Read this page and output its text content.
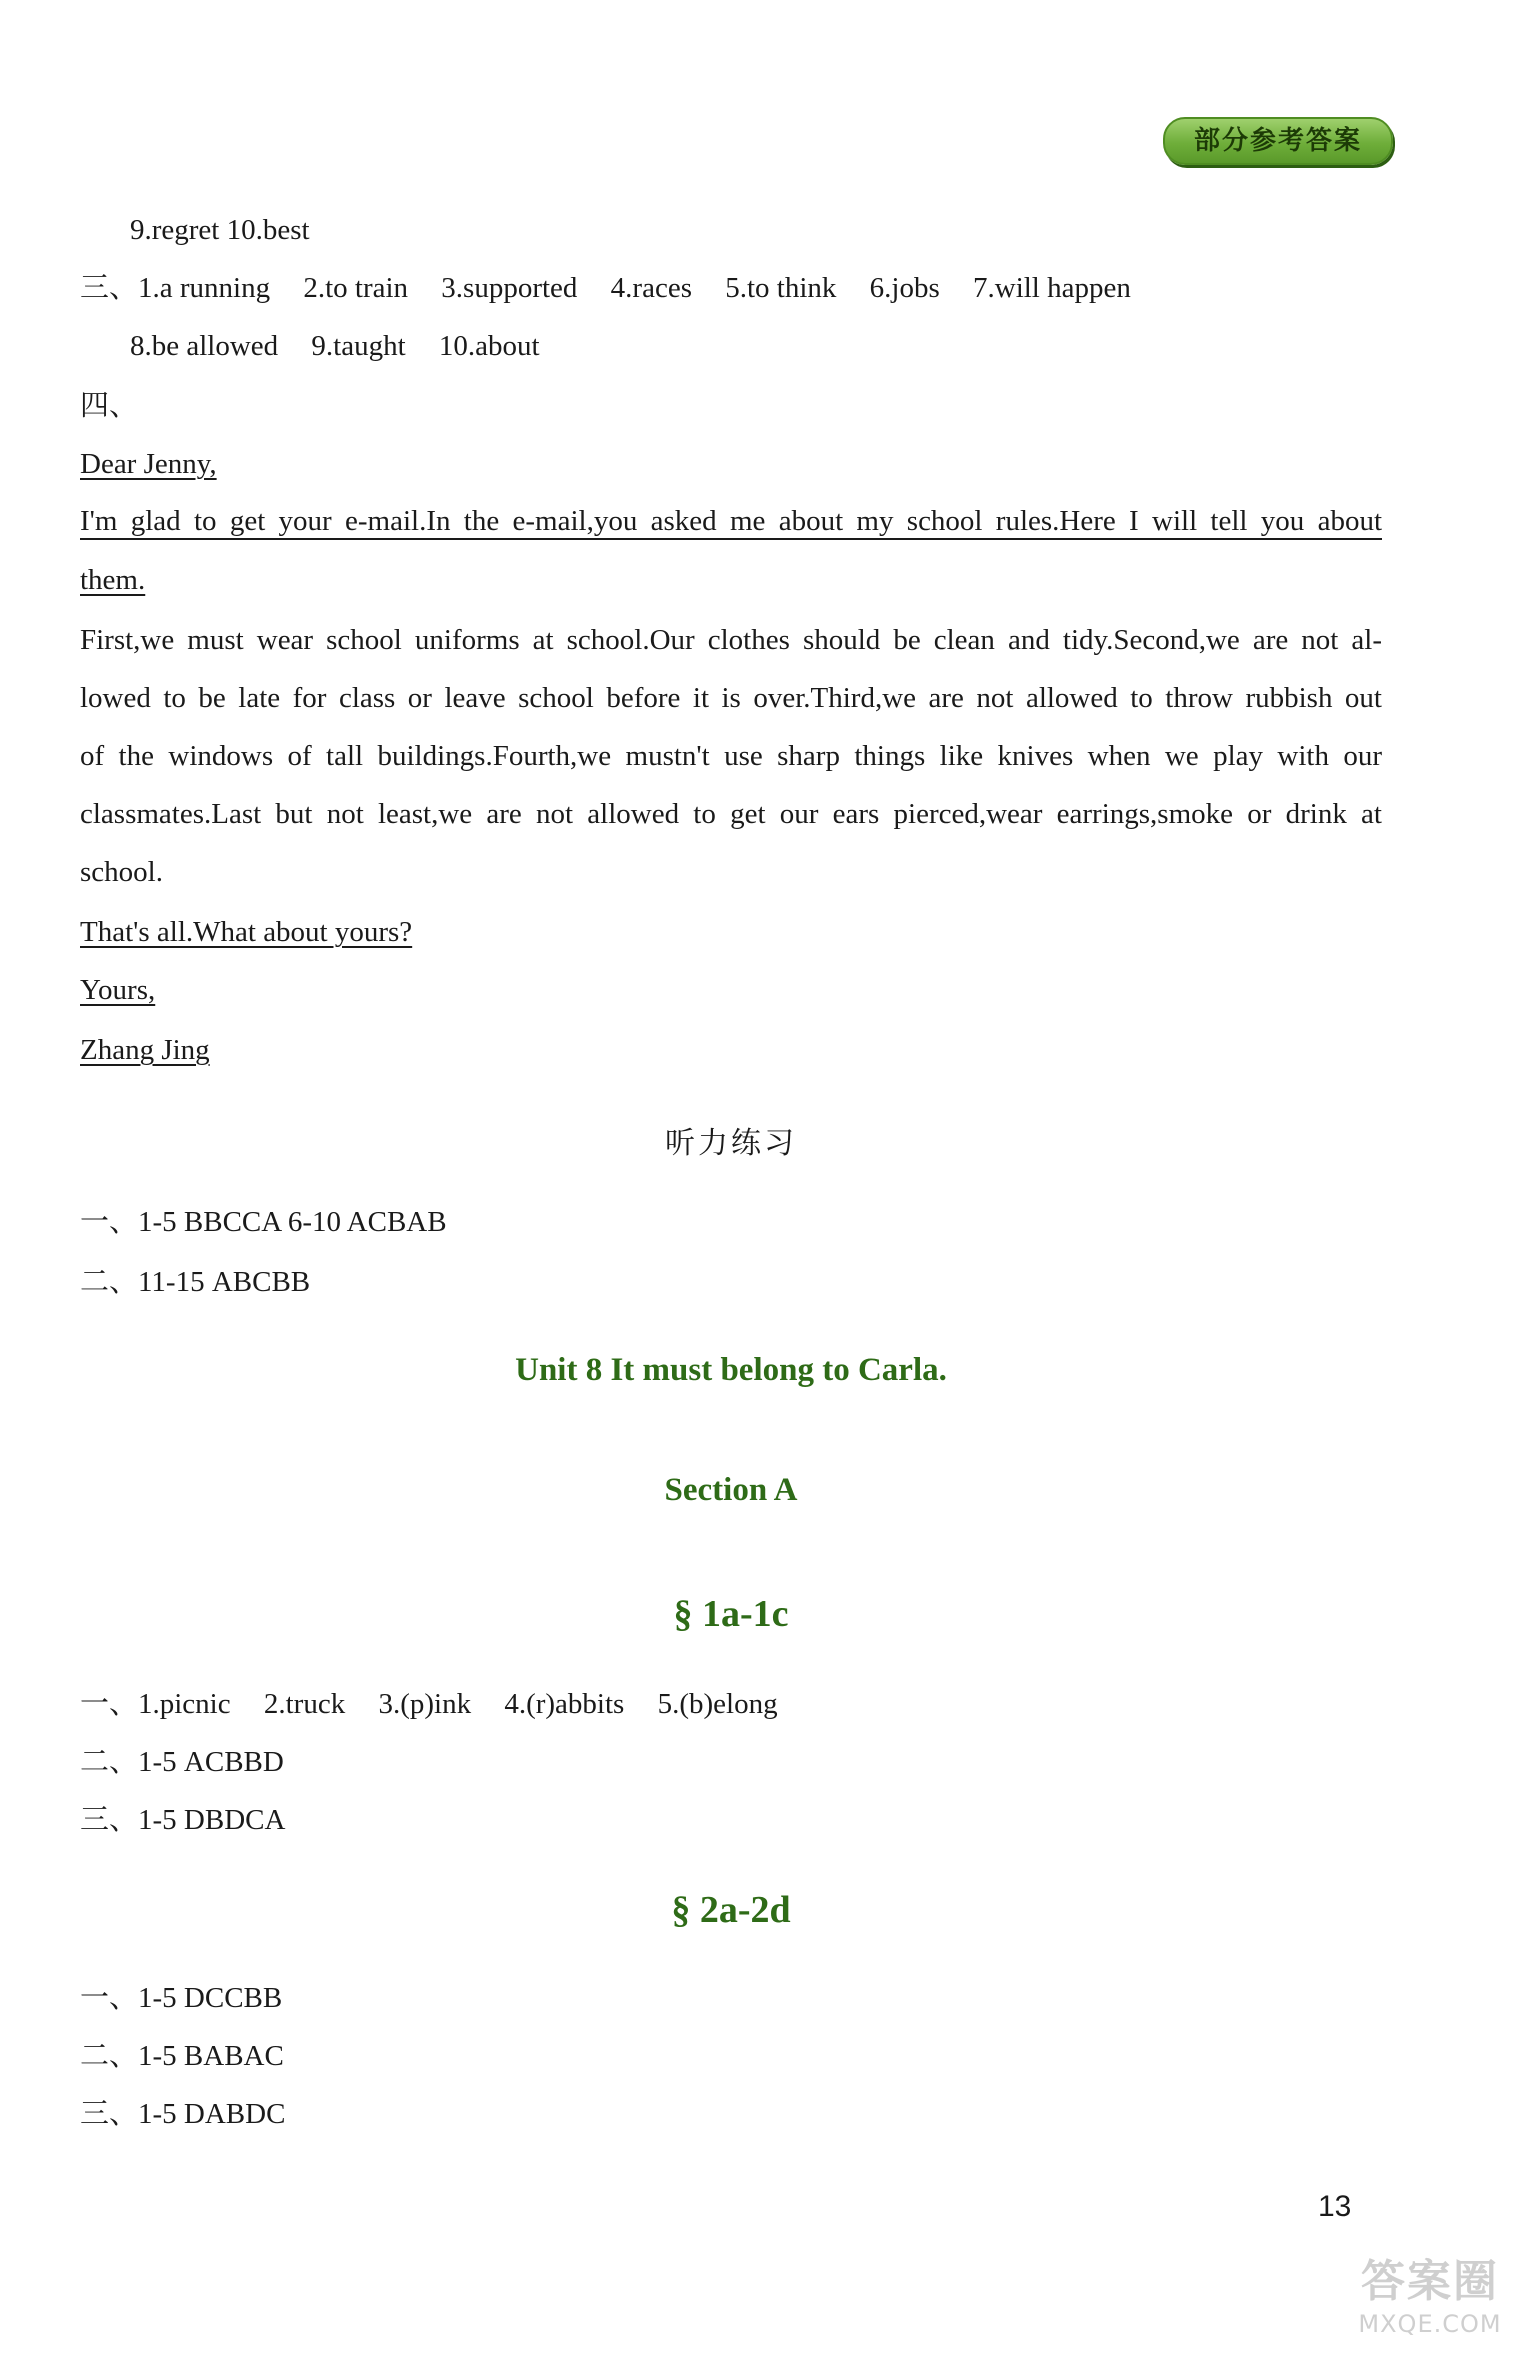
部分参考答案
9.regret 10.best
三、1.a running 2.to train 3.supported 4.races 5.to think 6.jobs 7.will happen
8.be allowed 9.taught 10.about
四、
Dear Jenny,
I'm glad to get your e-mail.In the e-mail,you asked me about my school rules.Here I will tell you about
them.
First,we must wear school uniforms at school.Our clothes should be clean and tidy.Second,we are not al-
lowed to be late for class or leave school before it is over.Third,we are not allowed to throw rubbish out
of the windows of tall buildings.Fourth,we mustn't use sharp things like knives when we play with our
classmates.Last but not least,we are not allowed to get our ears pierced,wear earrings,smoke or drink at
school.
That's all.What about yours?
Yours,
Zhang Jing
听力练习
一、1-5 BBCCA 6-10 ACBAB
二、11-15 ABCBB
Unit 8 It must belong to Carla.
Section A
§ 1a-1c
一、1.picnic 2.truck 3.(p)ink 4.(r)abbits 5.(b)elong
二、1-5 ACBBD
三、1-5 DBDCA
§ 2a-2d
一、1-5 DCCBB
二、1-5 BABAC
三、1-5 DABDC
13
答案圈
MXQE.COM
